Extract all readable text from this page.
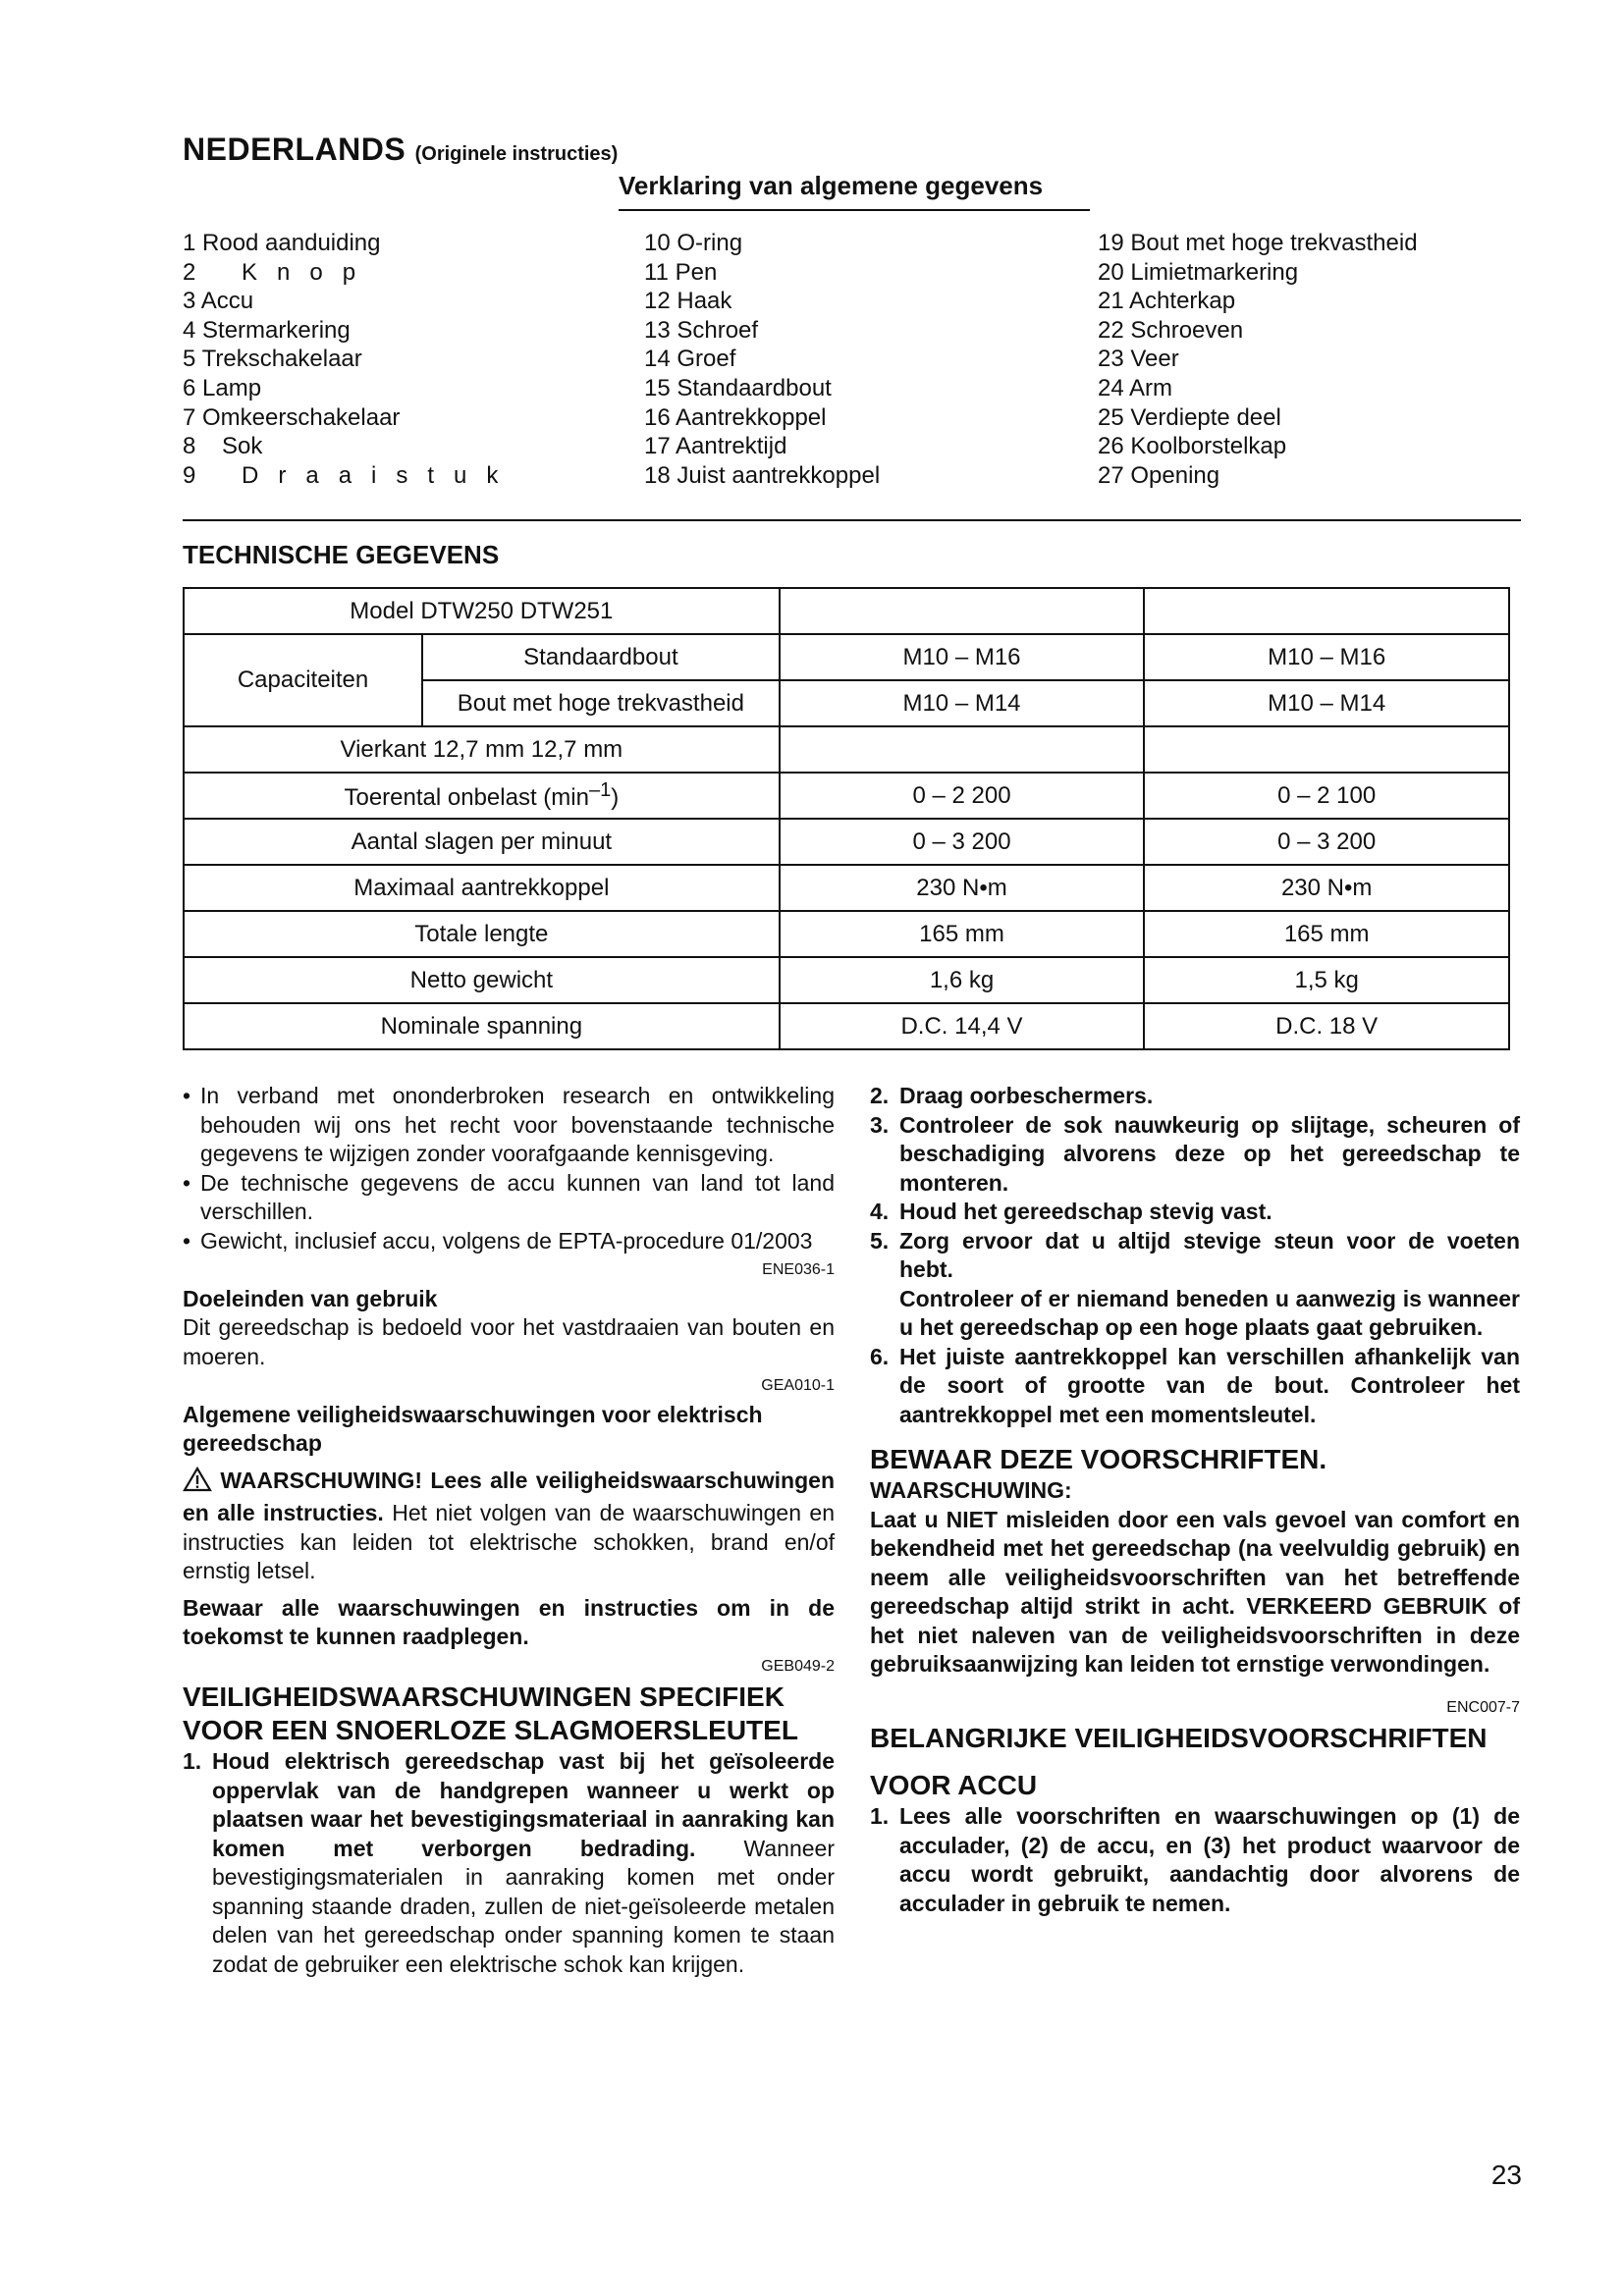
NEDERLANDS (Originele instructies)
Verklaring van algemene gegevens
1 Rood aanduiding
2 Knop
3 Accu
4 Stermarkering
5 Trekschakelaar
6 Lamp
7 Omkeerschakelaar
8 Sok
9 Draaistuk
10 O-ring
11 Pen
12 Haak
13 Schroef
14 Groef
15 Standaardbout
16 Aantrekkoppel
17 Aantrektijd
18 Juist aantrekkoppel
19 Bout met hoge trekvastheid
20 Limietmarkering
21 Achterkap
22 Schroeven
23 Veer
24 Arm
25 Verdiepte deel
26 Koolborstelkap
27 Opening
TECHNISCHE GEGEVENS
Model DTW250 DTW251			
Capaciteiten	Standaardbout	M10 – M16	M10 – M16
	Bout met hoge trekvastheid	M10 – M14	M10 – M14
Vierkant 12,7 mm 12,7 mm			
Toerental onbelast $(\min^{-1})$		0 – 2 200	0 – 2 100
Aantal slagen per minuut		0 – 3 200	0 – 3 200
Maximaal aantrekkoppel		230 N•m	230 N•m
Totale lengte		165 mm	165 mm
Netto gewicht		1,6 kg	1,5 kg
Nominale spanning		D.C. 14,4 V	D.C. 18 V
• In verband met ononderbroken research en ontwikkeling behouden wij ons het recht voor bovenstaande technische gegevens te wijzigen zonder voorafgaande kennisgeving.

• De technische gegevens de accu kunnen van land tot land verschillen.

• Gewicht, inclusief accu, volgens de EPTA-procedure 01/2003

ENE036-1

Doeleinden van gebruik

Dit gereedschap is bedoeld voor het vastdraaien van bouten en moeren.

GEA010-1

Algemene veiligheidswaarschuwingen voor elektrisch gereedschap

WAARSCHUWING! Lees alle veiligheidswaarschuwingen en alle instructies. Het niet volgen van de waarschuwingen en instructies kan leiden tot elektrische schokken, brand en/of ernstig letsel.

Bewaar alle waarschuwingen en instructies om in de toekomst te kunnen raadplegen.

GEB049-2

VEILIGHEIDSWAARSCHUWINGEN SPECIFIEK VOOR EEN SNOERLOZE SLAGMOERSLEUTEL

1. Houd elektrisch gereedschap vast bij het geïsoleerde oppervlak van de handgrepen wanneer u werkt op plaatsen waar het bevestigingsmateriaal in aanraking kan komen met verborgen bedrading. Wanneer bevestigingsmaterialen in aanraking komen met onder spanning staande draden, zullen de niet-geïsoleerde metalen delen van het gereedschap onder spanning komen te staan zodat de gebruiker een elektrische schok kan krijgen.

2. Draag oorbeschermers.

3. Controleer de sok nauwkeurig op slijtage, scheuren of beschadiging alvorens deze op het gereedschap te monteren.

4. Houd het gereedschap stevig vast.

5. Zorg ervoor dat u altijd stevige steun voor de voeten hebt.

Controleer of er niemand beneden u aanwezig is wanneer u het gereedschap op een hoge plaats gaat gebruiken.

6. Het juiste aantrekkoppel kan verschillen afhankelijk van de soort of grootte van de bout. Controleer het aantrekkoppel met een momentsleutel.

BEWAAR DEZE VOORSCHRIFTEN.

WAARSCHUWING:

Laat u NIET misleiden door een vals gevoel van comfort en bekendheid met het gereedschap (na veelvuldig gebruik) en neem alle veiligheidsvoorschriften van het betreffende gereedschap altijd strikt in acht. VERKEERD GEBRUIK of het niet naleven van de veiligheidsvoorschriften in deze gebruiksaanwijzing kan leiden tot ernstige verwondingen.

ENC007-7

BELANGRIJKE VEILIGHEIDSVOORSCHRIFTEN

VOOR ACCU

1. Lees alle voorschriften en waarschuwingen op (1) de acculader, (2) de accu, en (3) het product waarvoor de accu wordt gebruikt, aandachtig door alvorens de acculader in gebruik te nemen.

23
